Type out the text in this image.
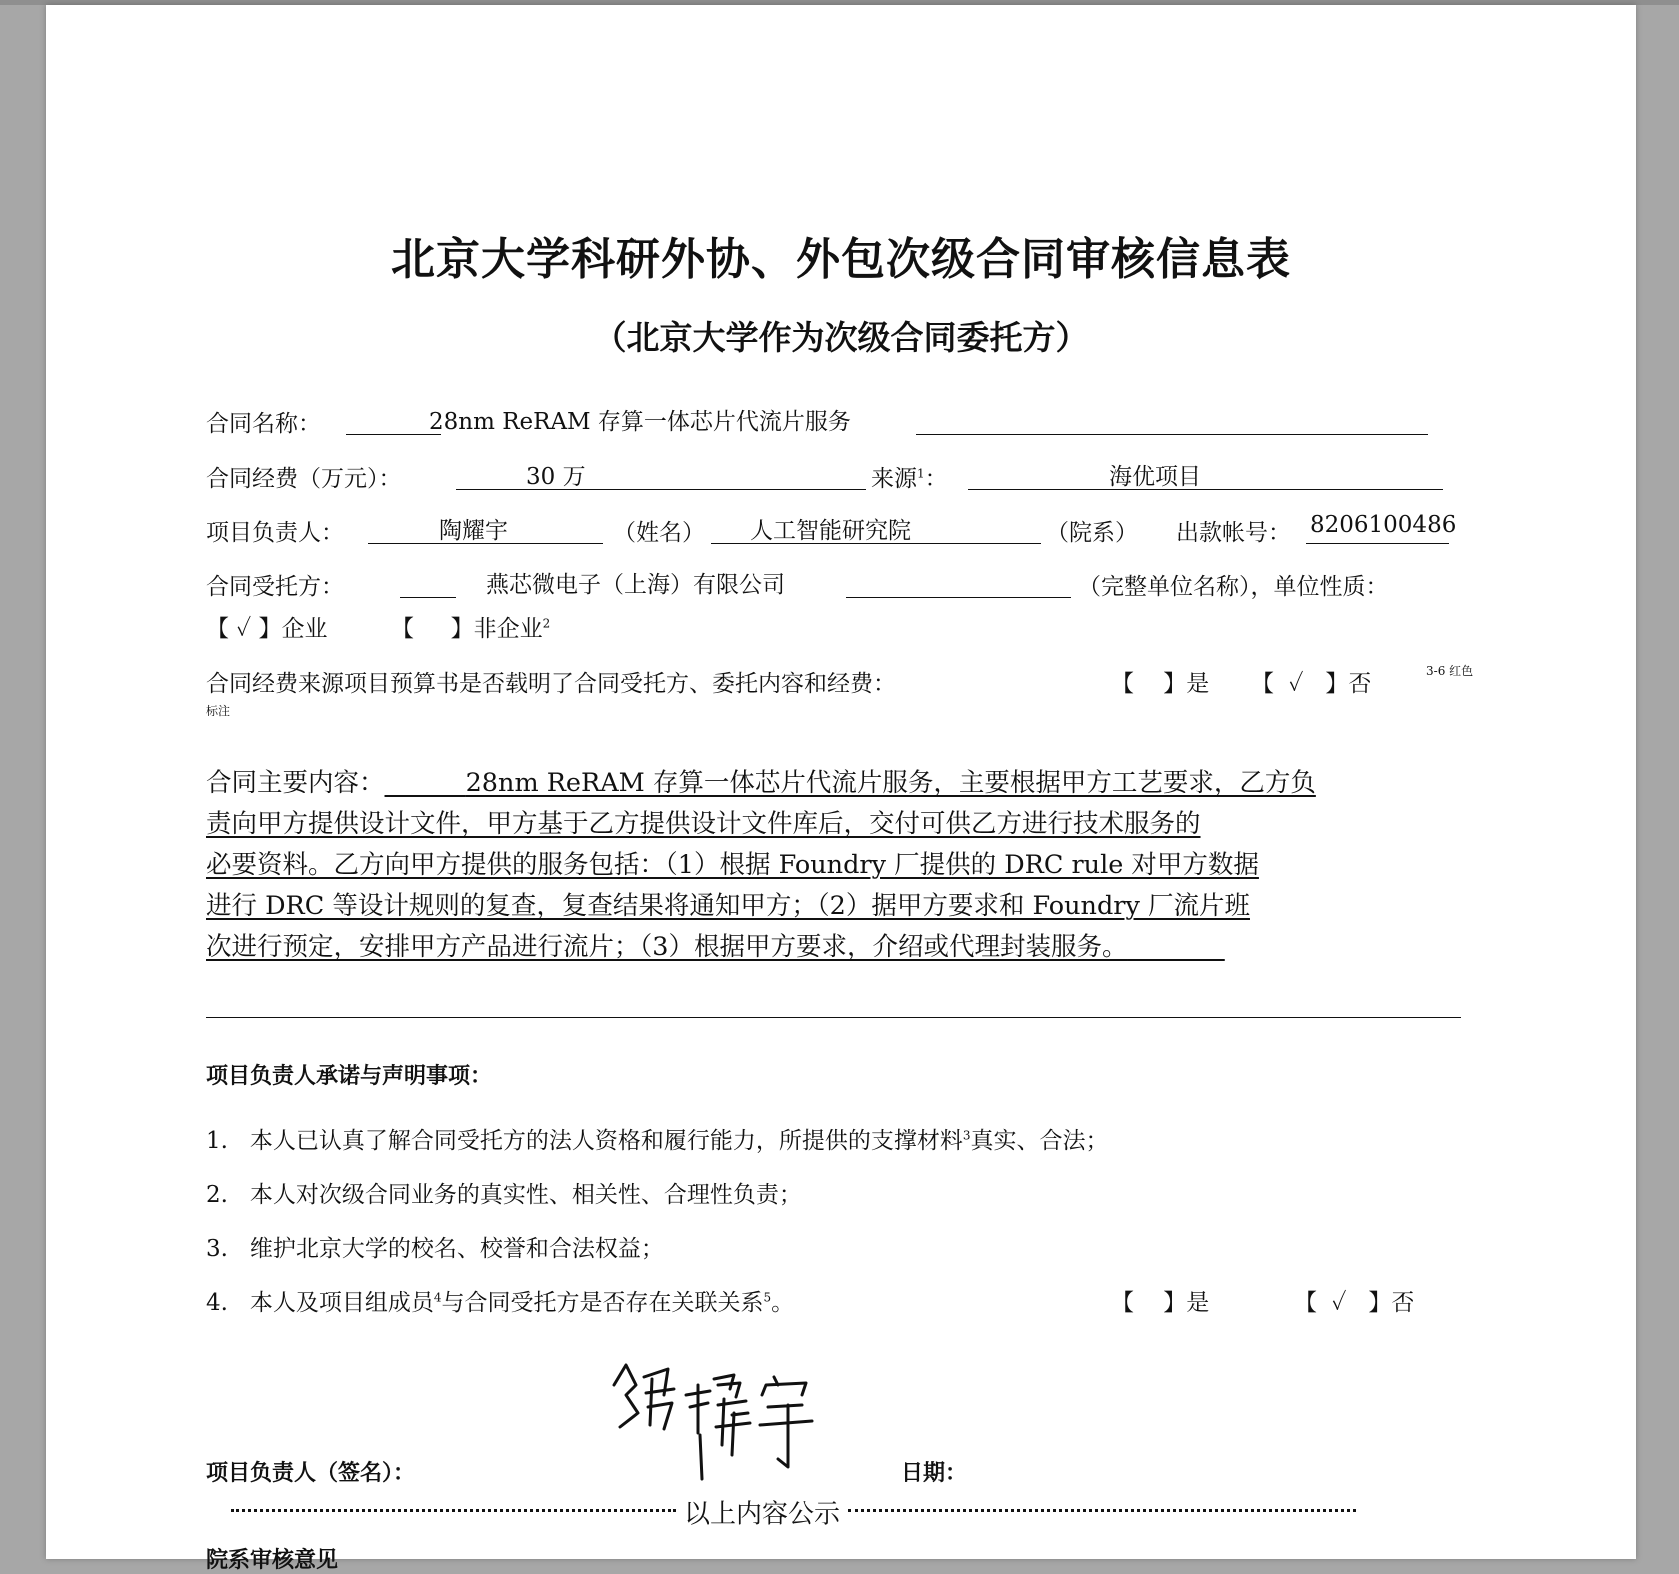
北京大学科研外协、外包次级合同审核信息表
（北京大学作为次级合同委托方）
合同名称：	28nm ReRAM 存算一体芯片代流片服务
合同经费（万元）：	30 万	来源$^1$：	海优项目
项目负责人：	陶耀宇	（姓名） 人工智能研究院	（院系） 出款帐号： 8206100486
合同受托方：	燕芯微电子（上海）有限公司	（完整单位名称），单位性质：
【 ✓ 】企业	【 】非企业$^2$
合同经费来源项目预算书是否载明了合同受托方、委托内容和经费：	【 】是 【 ✓ 】否	3-6 红色
标注
合同主要内容：	28nm ReRAM 存算一体芯片代流片服务，主要根据甲方工艺要求，乙方负
责向甲方提供设计文件，甲方基于乙方提供设计文件库后，交付可供乙方进行技术服务的
必要资料。乙方向甲方提供的服务包括：（1）根据 Foundry 厂提供的 DRC rule 对甲方数据
进行 DRC 等设计规则的复查，复查结果将通知甲方；（2）据甲方要求和 Foundry 厂流片班
次进行预定，安排甲方产品进行流片；（3）根据甲方要求，介绍或代理封装服务。
项目负责人承诺与声明事项：
1. 本人已认真了解合同受托方的法人资格和履行能力，所提供的支撑材料$^3$真实、合法；
2. 本人对次级合同业务的真实性、相关性、合理性负责；
3. 维护北京大学的校名、校誉和合法权益；
4. 本人及项目组成员$^4$与合同受托方是否存在关联关系$^5$。	【 】是	【 ✓ 】否
项目负责人（签名）：	日期：
以上内容公示
院系审核意见
